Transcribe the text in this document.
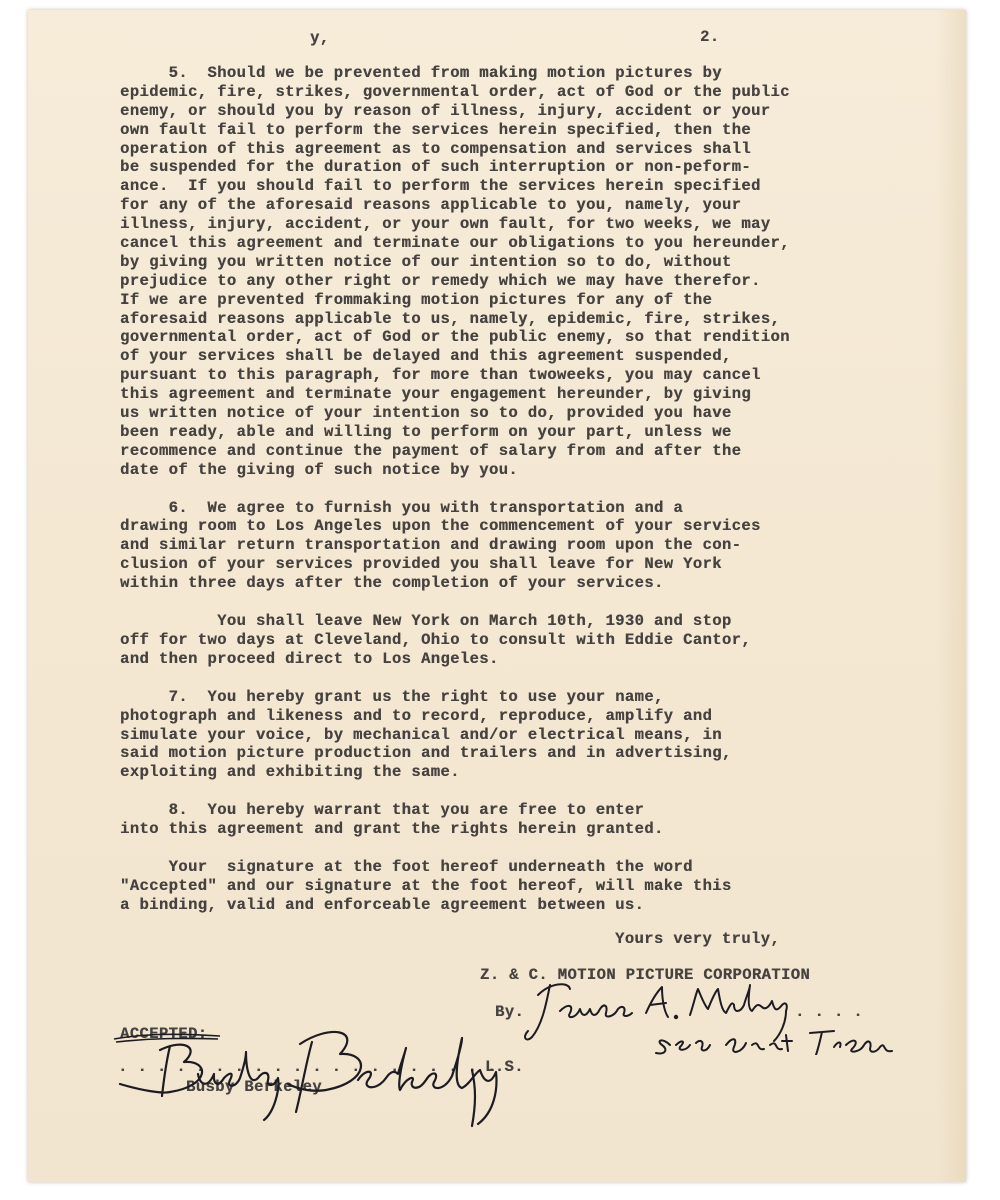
y,	2.
5.  Should we be prevented from making motion pictures by
epidemic, fire, strikes, governmental order, act of God or the public
enemy, or should you by reason of illness, injury, accident or your
own fault fail to perform the services herein specified, then the
operation of this agreement as to compensation and services shall
be suspended for the duration of such interruption or non-peform-
ance.  If you should fail to perform the services herein specified
for any of the aforesaid reasons applicable to you, namely, your
illness, injury, accident, or your own fault, for two weeks, we may
cancel this agreement and terminate our obligations to you hereunder,
by giving you written notice of our intention so to do, without
prejudice to any other right or remedy which we may have therefor.
If we are prevented frommaking motion pictures for any of the
aforesaid reasons applicable to us, namely, epidemic, fire, strikes,
governmental order, act of God or the public enemy, so that rendition
of your services shall be delayed and this agreement suspended,
pursuant to this paragraph, for more than twoweeks, you may cancel
this agreement and terminate your engagement hereunder, by giving
us written notice of your intention so to do, provided you have
been ready, able and willing to perform on your part, unless we
recommence and continue the payment of salary from and after the
date of the giving of such notice by you.
6.  We agree to furnish you with transportation and a
drawing room to Los Angeles upon the commencement of your services
and similar return transportation and drawing room upon the con-
clusion of your services provided you shall leave for New York
within three days after the completion of your services.
You shall leave New York on March 10th, 1930 and stop
off for two days at Cleveland, Ohio to consult with Eddie Cantor,
and then proceed direct to Los Angeles.
7.  You hereby grant us the right to use your name,
photograph and likeness and to record, reproduce, amplify and
simulate your voice, by mechanical and/or electrical means, in
said motion picture production and trailers and in advertising,
exploiting and exhibiting the same.
8.  You hereby warrant that you are free to enter
into this agreement and grant the rights herein granted.
Your  signature at the foot hereof underneath the word
"Accepted" and our signature at the foot hereof, will make this
a binding, valid and enforceable agreement between us.
Yours very truly,
Z. & C. MOTION PICTURE CORPORATION
By.	. . . .
ACCEPTED:
. . . . . . . . . . . . . . . . . . . .
L.S.
Busby Berkeley
